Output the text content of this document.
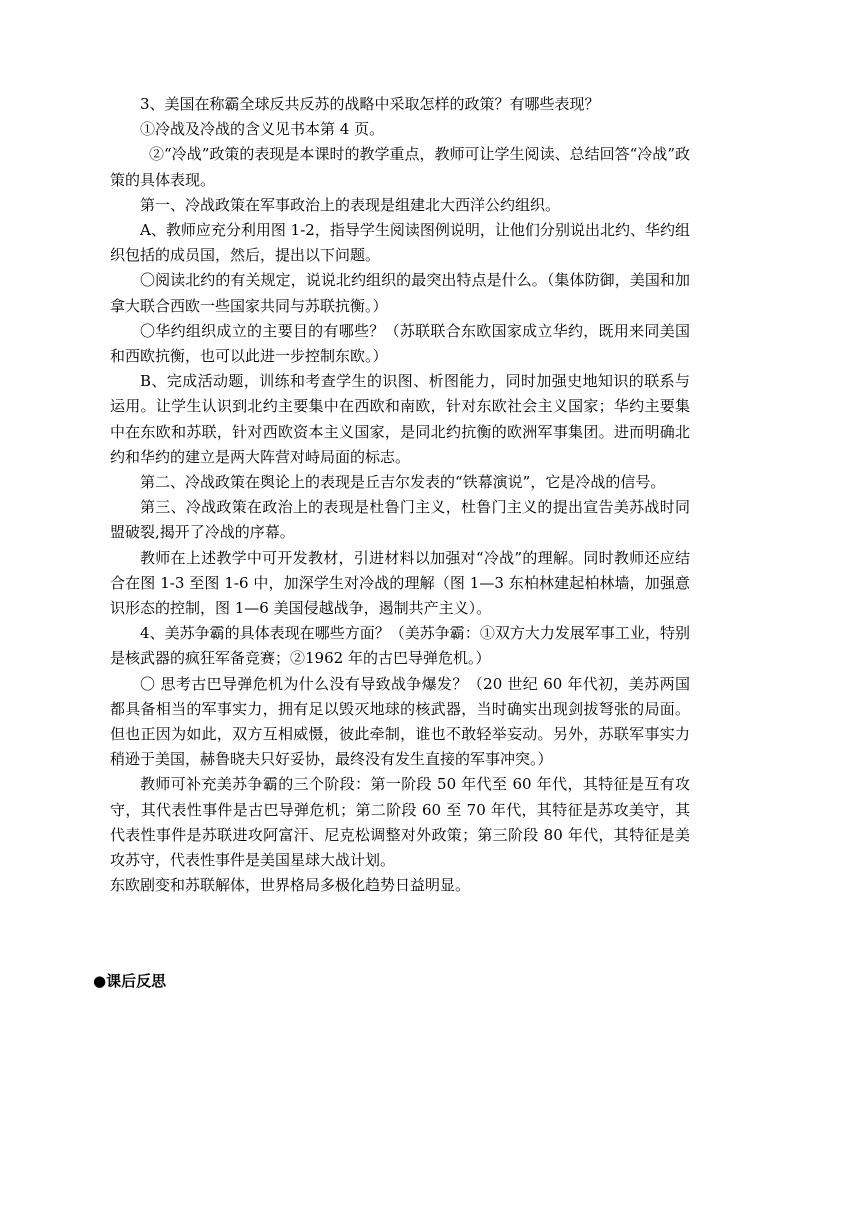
3、美国在称霸全球反共反苏的战略中采取怎样的政策？有哪些表现？

①冷战及冷战的含义见书本第 4 页。

②“冷战”政策的表现是本课时的教学重点，教师可让学生阅读、总结回答“冷战”政策的具体表现。

第一、冷战政策在军事政治上的表现是组建北大西洋公约组织。

A、教师应充分利用图 1-2，指导学生阅读图例说明，让他们分别说出北约、华约组织包括的成员国，然后，提出以下问题。

〇阅读北约的有关规定，说说北约组织的最突出特点是什么。（集体防御，美国和加拿大联合西欧一些国家共同与苏联抗衡。）

〇华约组织成立的主要目的有哪些？（苏联联合东欧国家成立华约，既用来同美国和西欧抗衡，也可以此进一步控制东欧。）

B、完成活动题，训练和考查学生的识图、析图能力，同时加强史地知识的联系与运用。让学生认识到北约主要集中在西欧和南欧，针对东欧社会主义国家；华约主要集中在东欧和苏联，针对西欧资本主义国家，是同北约抗衡的欧洲军事集团。进而明确北约和华约的建立是两大阵营对峙局面的标志。

第二、冷战政策在舆论上的表现是丘吉尔发表的“铁幕演说”，它是冷战的信号。

第三、冷战政策在政治上的表现是杜鲁门主义，杜鲁门主义的提出宣告美苏战时同盟破裂,揭开了冷战的序幕。

教师在上述教学中可开发教材，引进材料以加强对“冷战”的理解。同时教师还应结合在图 1-3 至图 1-6 中，加深学生对冷战的理解（图 1—3 东柏林建起柏林墙，加强意识形态的控制，图 1—6 美国侵越战争，遏制共产主义）。

4、美苏争霸的具体表现在哪些方面？（美苏争霸：①双方大力发展军事工业，特别是核武器的疯狂军备竞赛；②1962 年的古巴导弹危机。）

〇 思考古巴导弹危机为什么没有导致战争爆发？（20 世纪 60 年代初，美苏两国都具备相当的军事实力，拥有足以毁灭地球的核武器，当时确实出现剑拔弩张的局面。但也正因为如此，双方互相威慑，彼此牵制，谁也不敢轻举妄动。另外，苏联军事实力稍逊于美国，赫鲁晓夫只好妥协，最终没有发生直接的军事冲突。）

教师可补充美苏争霸的三个阶段：第一阶段 50 年代至 60 年代，其特征是互有攻守，其代表性事件是古巴导弹危机；第二阶段 60 至 70 年代，其特征是苏攻美守，其代表性事件是苏联进攻阿富汗、尼克松调整对外政策；第三阶段 80 年代，其特征是美攻苏守，代表性事件是美国星球大战计划。

东欧剧变和苏联解体，世界格局多极化趋势日益明显。

●课后反思
